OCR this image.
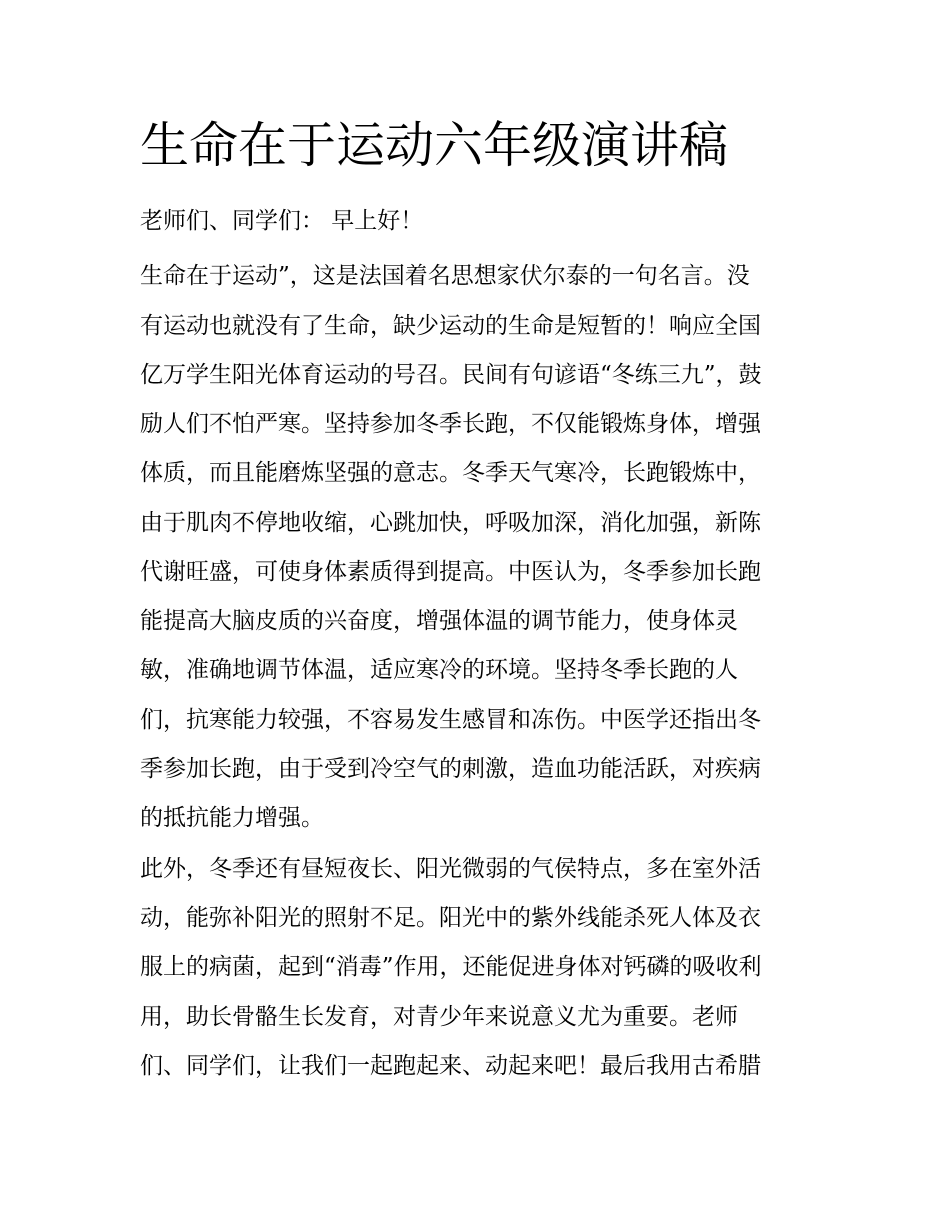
生命在于运动六年级演讲稿

老师们、同学们： 早上好！

生命在于运动”，这是法国着名思想家伏尔泰的一句名言。没

有运动也就没有了生命，缺少运动的生命是短暂的！响应全国

亿万学生阳光体育运动的号召。民间有句谚语“冬练三九”，鼓

励人们不怕严寒。坚持参加冬季长跑，不仅能锻炼身体，增强

体质，而且能磨炼坚强的意志。冬季天气寒冷，长跑锻炼中，

由于肌肉不停地收缩，心跳加快，呼吸加深，消化加强，新陈

代谢旺盛，可使身体素质得到提高。中医认为，冬季参加长跑

能提高大脑皮质的兴奋度，增强体温的调节能力，使身体灵

敏，准确地调节体温，适应寒冷的环境。坚持冬季长跑的人

们，抗寒能力较强，不容易发生感冒和冻伤。中医学还指出冬

季参加长跑，由于受到冷空气的刺激，造血功能活跃，对疾病

的抵抗能力增强。

此外，冬季还有昼短夜长、阳光微弱的气侯特点，多在室外活

动，能弥补阳光的照射不足。阳光中的紫外线能杀死人体及衣

服上的病菌，起到“消毒”作用，还能促进身体对钙磷的吸收利

用，助长骨骼生长发育，对青少年来说意义尤为重要。老师

们、同学们，让我们一起跑起来、动起来吧！最后我用古希腊
